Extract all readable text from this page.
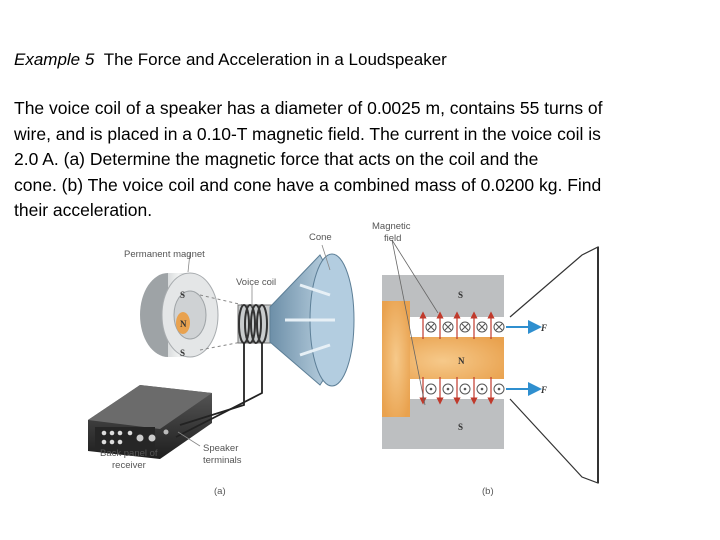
Example 5 The Force and Acceleration in a Loudspeaker
The voice coil of a speaker has a diameter of 0.0025 m, contains 55 turns of
wire, and is placed in a 0.10-T magnetic field. The current in the voice coil is
2.0 A. (a) Determine the magnetic force that acts on the coil and the
cone. (b) The voice coil and cone have a combined mass of 0.0200 kg. Find
their acceleration.
S
N
S
Permanent magnet
Voice coil
Cone
Back panel of
receiver
Speaker
terminals
(a)
S
N
S
F
F
Magnetic
field
(b)
